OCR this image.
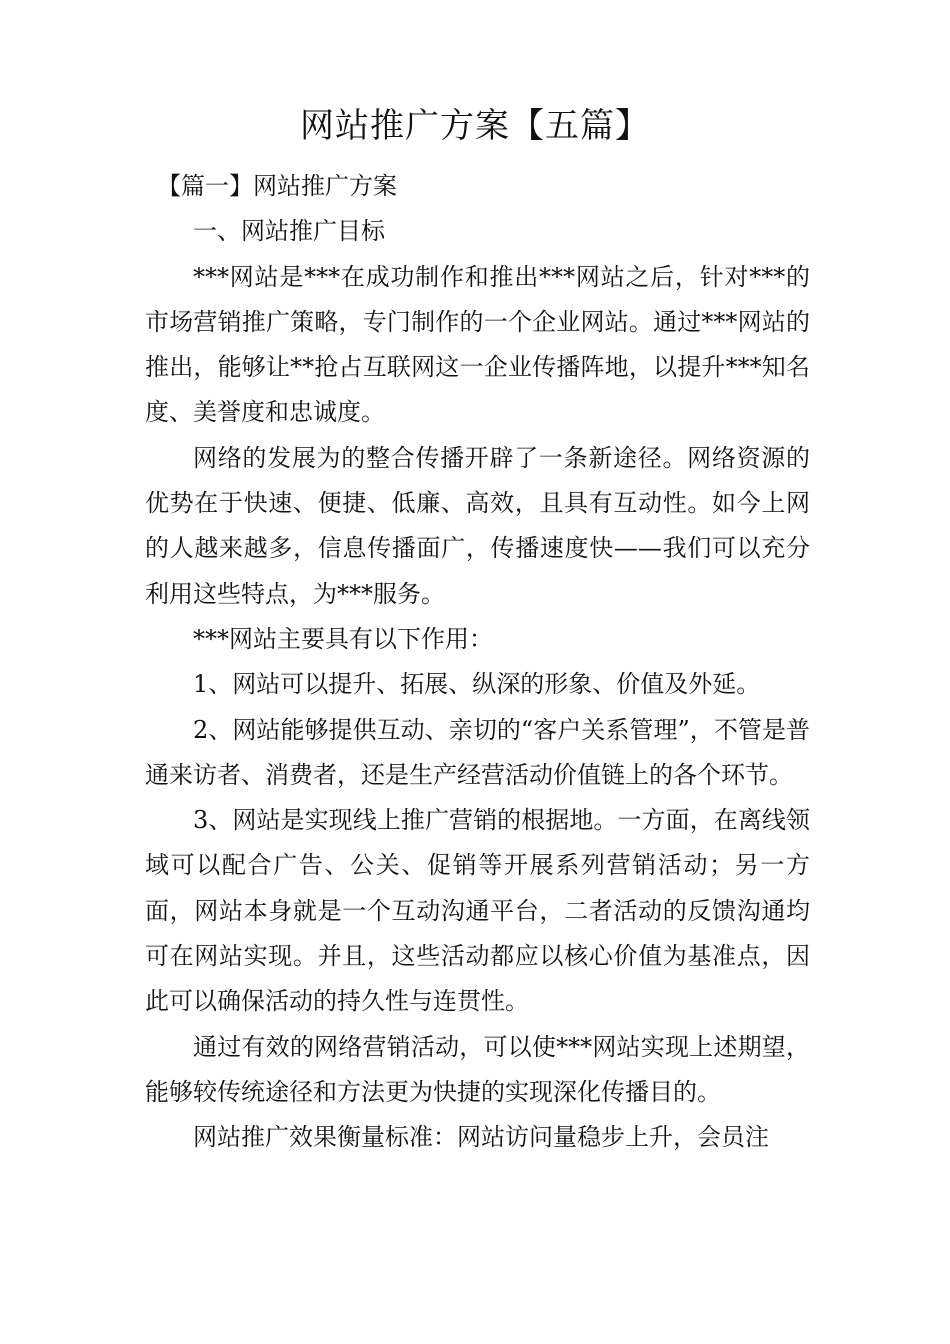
网站推广方案【五篇】

【篇一】网站推广方案

一、网站推广目标

***网站是***在成功制作和推出***网站之后，针对***的市场营销推广策略，专门制作的一个企业网站。通过***网站的推出，能够让**抢占互联网这一企业传播阵地，以提升***知名度、美誉度和忠诚度。

网络的发展为的整合传播开辟了一条新途径。网络资源的优势在于快速、便捷、低廉、高效，且具有互动性。如今上网的人越来越多，信息传播面广，传播速度快——我们可以充分利用这些特点，为***服务。

***网站主要具有以下作用：

1、网站可以提升、拓展、纵深的形象、价值及外延。

2、网站能够提供互动、亲切的“客户关系管理”，不管是普通来访者、消费者，还是生产经营活动价值链上的各个环节。

3、网站是实现线上推广营销的根据地。一方面，在离线领域可以配合广告、公关、促销等开展系列营销活动；另一方面，网站本身就是一个互动沟通平台，二者活动的反馈沟通均可在网站实现。并且，这些活动都应以核心价值为基准点，因此可以确保活动的持久性与连贯性。

通过有效的网络营销活动，可以使***网站实现上述期望，能够较传统途径和方法更为快捷的实现深化传播目的。

网站推广效果衡量标准：网站访问量稳步上升，会员注
